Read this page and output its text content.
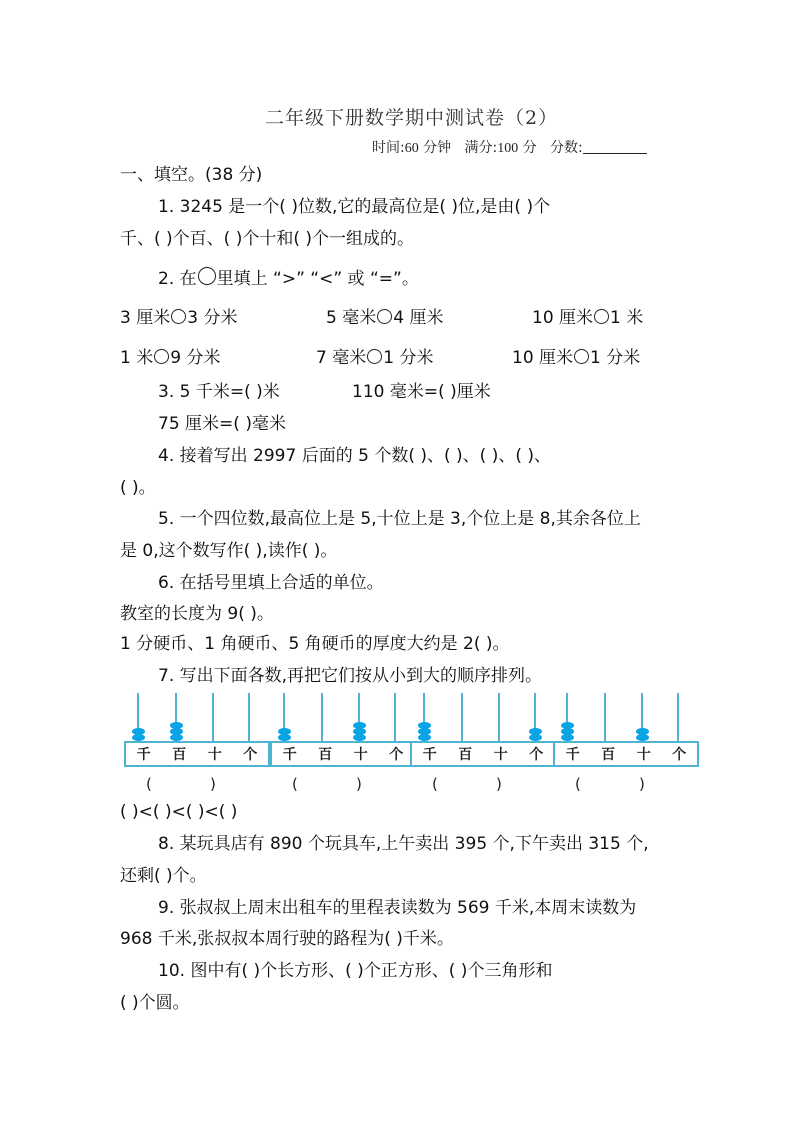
二年级下册数学期中测试卷（2）
时间:60 分钟 满分:100 分 分数:
一、填空。(38 分)
1. 3245 是一个( )位数,它的最高位是( )位,是由( )个
千、( )个百、( )个十和( )个一组成的。
2. 在 里填上 “>” “<” 或 “=”。
3 厘米 3 分米	5 毫米 4 厘米	10 厘米 1 米
1 米 9 分米	7 毫米 1 分米	10 厘米 1 分米
3. 5 千米=( )米	110 毫米=( )厘米
75 厘米=( )毫米
4. 接着写出 2997 后面的 5 个数( )、( )、( )、( )、
( )。
5. 一个四位数,最高位上是 5,十位上是 3,个位上是 8,其余各位上
是 0,这个数写作( ),读作( )。
6. 在括号里填上合适的单位。
教室的长度为 9( )。
1 分硬币、1 角硬币、5 角硬币的厚度大约是 2( )。
7. 写出下面各数,再把它们按从小到大的顺序排列。
千 百 十 个
(	)
千 百 十 个
(	)
千 百 十 个
(	)
千 百 十 个
(	)
( )<( )<( )<( )
8. 某玩具店有 890 个玩具车,上午卖出 395 个,下午卖出 315 个,
还剩( )个。
9. 张叔叔上周末出租车的里程表读数为 569 千米,本周末读数为
968 千米,张叔叔本周行驶的路程为( )千米。
10. 图中有( )个长方形、( )个正方形、( )个三角形和
( )个圆。
